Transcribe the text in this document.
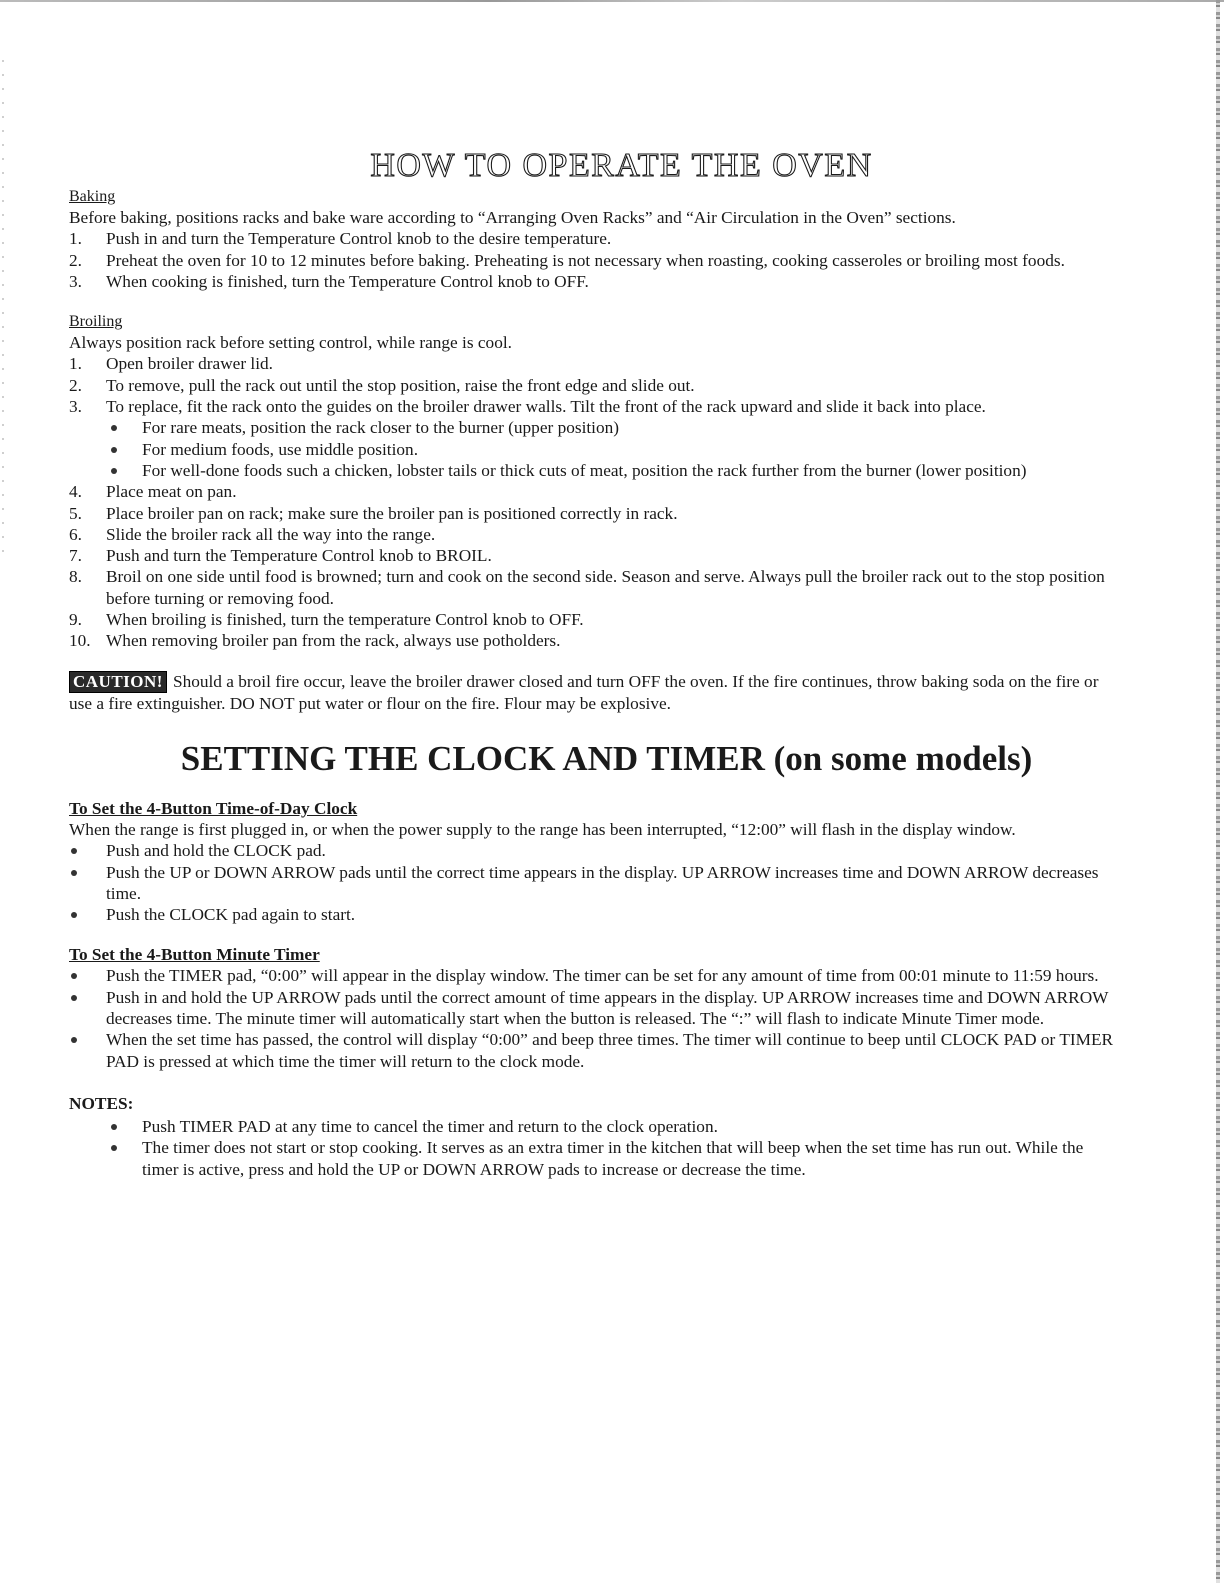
HOW TO OPERATE THE OVEN
Baking

Before baking, positions racks and bake ware according to “Arranging Oven Racks” and “Air Circulation in the Oven” sections.

1. Push in and turn the Temperature Control knob to the desire temperature.
2. Preheat the oven for 10 to 12 minutes before baking. Preheating is not necessary when roasting, cooking casseroles or broiling most foods.
3. When cooking is finished, turn the Temperature Control knob to OFF.
Broiling

Always position rack before setting control, while range is cool.

1. Open broiler drawer lid.
2. To remove, pull the rack out until the stop position, raise the front edge and slide out.
3. To replace, fit the rack onto the guides on the broiler drawer walls. Tilt the front of the rack upward and slide it back into place.
For rare meats, position the rack closer to the burner (upper position)
For medium foods, use middle position.
For well-done foods such a chicken, lobster tails or thick cuts of meat, position the rack further from the burner (lower position)
4. Place meat on pan.
5. Place broiler pan on rack; make sure the broiler pan is positioned correctly in rack.
6. Slide the broiler rack all the way into the range.
7. Push and turn the Temperature Control knob to BROIL.
8. Broil on one side until food is browned; turn and cook on the second side. Season and serve. Always pull the broiler rack out to the stop position before turning or removing food.
9. When broiling is finished, turn the temperature Control knob to OFF.
10. When removing broiler pan from the rack, always use potholders.

CAUTION! Should a broil fire occur, leave the broiler drawer closed and turn OFF the oven. If the fire continues, throw baking soda on the fire or use a fire extinguisher. DO NOT put water or flour on the fire. Flour may be explosive.

SETTING THE CLOCK AND TIMER (on some models)
To Set the 4-Button Time-of-Day Clock

When the range is first plugged in, or when the power supply to the range has been interrupted, “12:00” will flash in the display window.

Push and hold the CLOCK pad.
Push the UP or DOWN ARROW pads until the correct time appears in the display. UP ARROW increases time and DOWN ARROW decreases time.
Push the CLOCK pad again to start.
To Set the 4-Button Minute Timer
Push the TIMER pad, “0:00” will appear in the display window. The timer can be set for any amount of time from 00:01 minute to 11:59 hours.
Push in and hold the UP ARROW pads until the correct amount of time appears in the display. UP ARROW increases time and DOWN ARROW decreases time. The minute timer will automatically start when the button is released. The “:” will flash to indicate Minute Timer mode.
When the set time has passed, the control will display “0:00” and beep three times. The timer will continue to beep until CLOCK PAD or TIMER PAD is pressed at which time the timer will return to the clock mode.
NOTES:
Push TIMER PAD at any time to cancel the timer and return to the clock operation.
The timer does not start or stop cooking. It serves as an extra timer in the kitchen that will beep when the set time has run out. While the timer is active, press and hold the UP or DOWN ARROW pads to increase or decrease the time.
